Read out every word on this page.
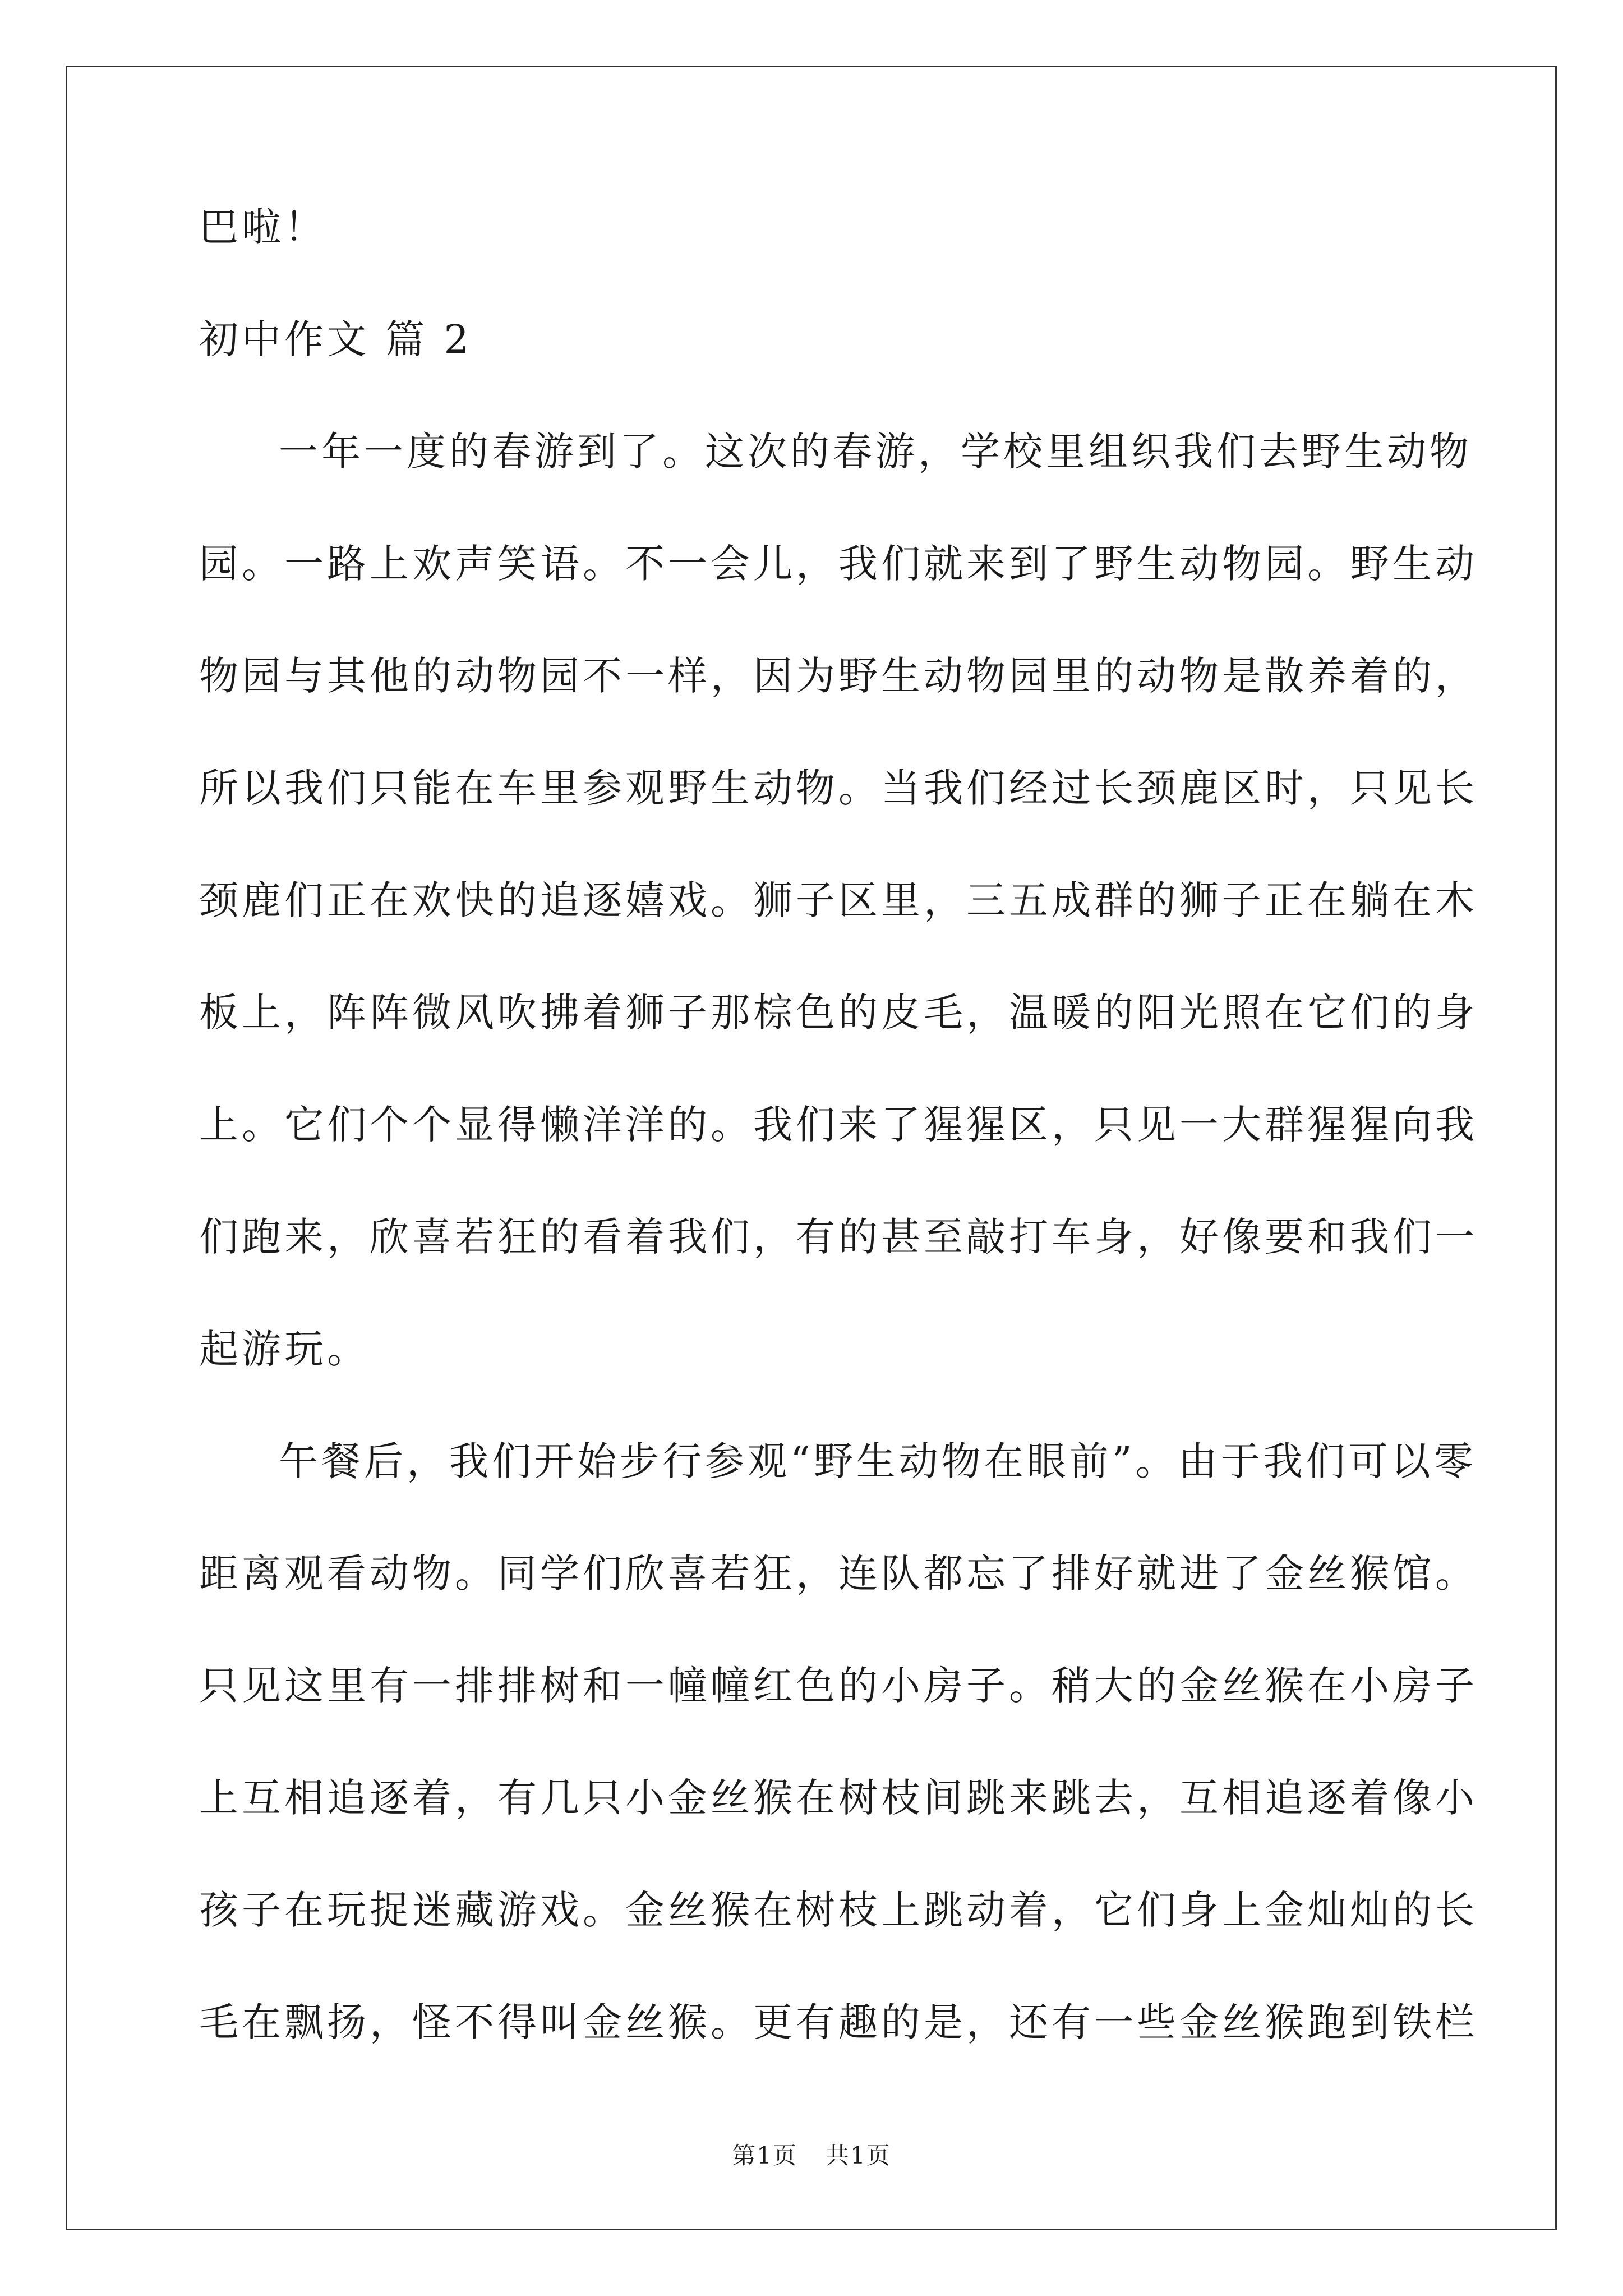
巴啦！
初中作文 篇 2
一年一度的春游到了。这次的春游，学校里组织我们去野生动物
园。一路上欢声笑语。不一会儿，我们就来到了野生动物园。野生动
物园与其他的动物园不一样，因为野生动物园里的动物是散养着的，
所以我们只能在车里参观野生动物。当我们经过长颈鹿区时，只见长
颈鹿们正在欢快的追逐嬉戏。狮子区里，三五成群的狮子正在躺在木
板上，阵阵微风吹拂着狮子那棕色的皮毛，温暖的阳光照在它们的身
上。它们个个显得懒洋洋的。我们来了猩猩区，只见一大群猩猩向我
们跑来，欣喜若狂的看着我们，有的甚至敲打车身，好像要和我们一
起游玩。
午餐后，我们开始步行参观“野生动物在眼前”。由于我们可以零
距离观看动物。同学们欣喜若狂，连队都忘了排好就进了金丝猴馆。
只见这里有一排排树和一幢幢红色的小房子。稍大的金丝猴在小房子
上互相追逐着，有几只小金丝猴在树枝间跳来跳去，互相追逐着像小
孩子在玩捉迷藏游戏。金丝猴在树枝上跳动着，它们身上金灿灿的长
毛在飘扬，怪不得叫金丝猴。更有趣的是，还有一些金丝猴跑到铁栏
第1页 共1页
